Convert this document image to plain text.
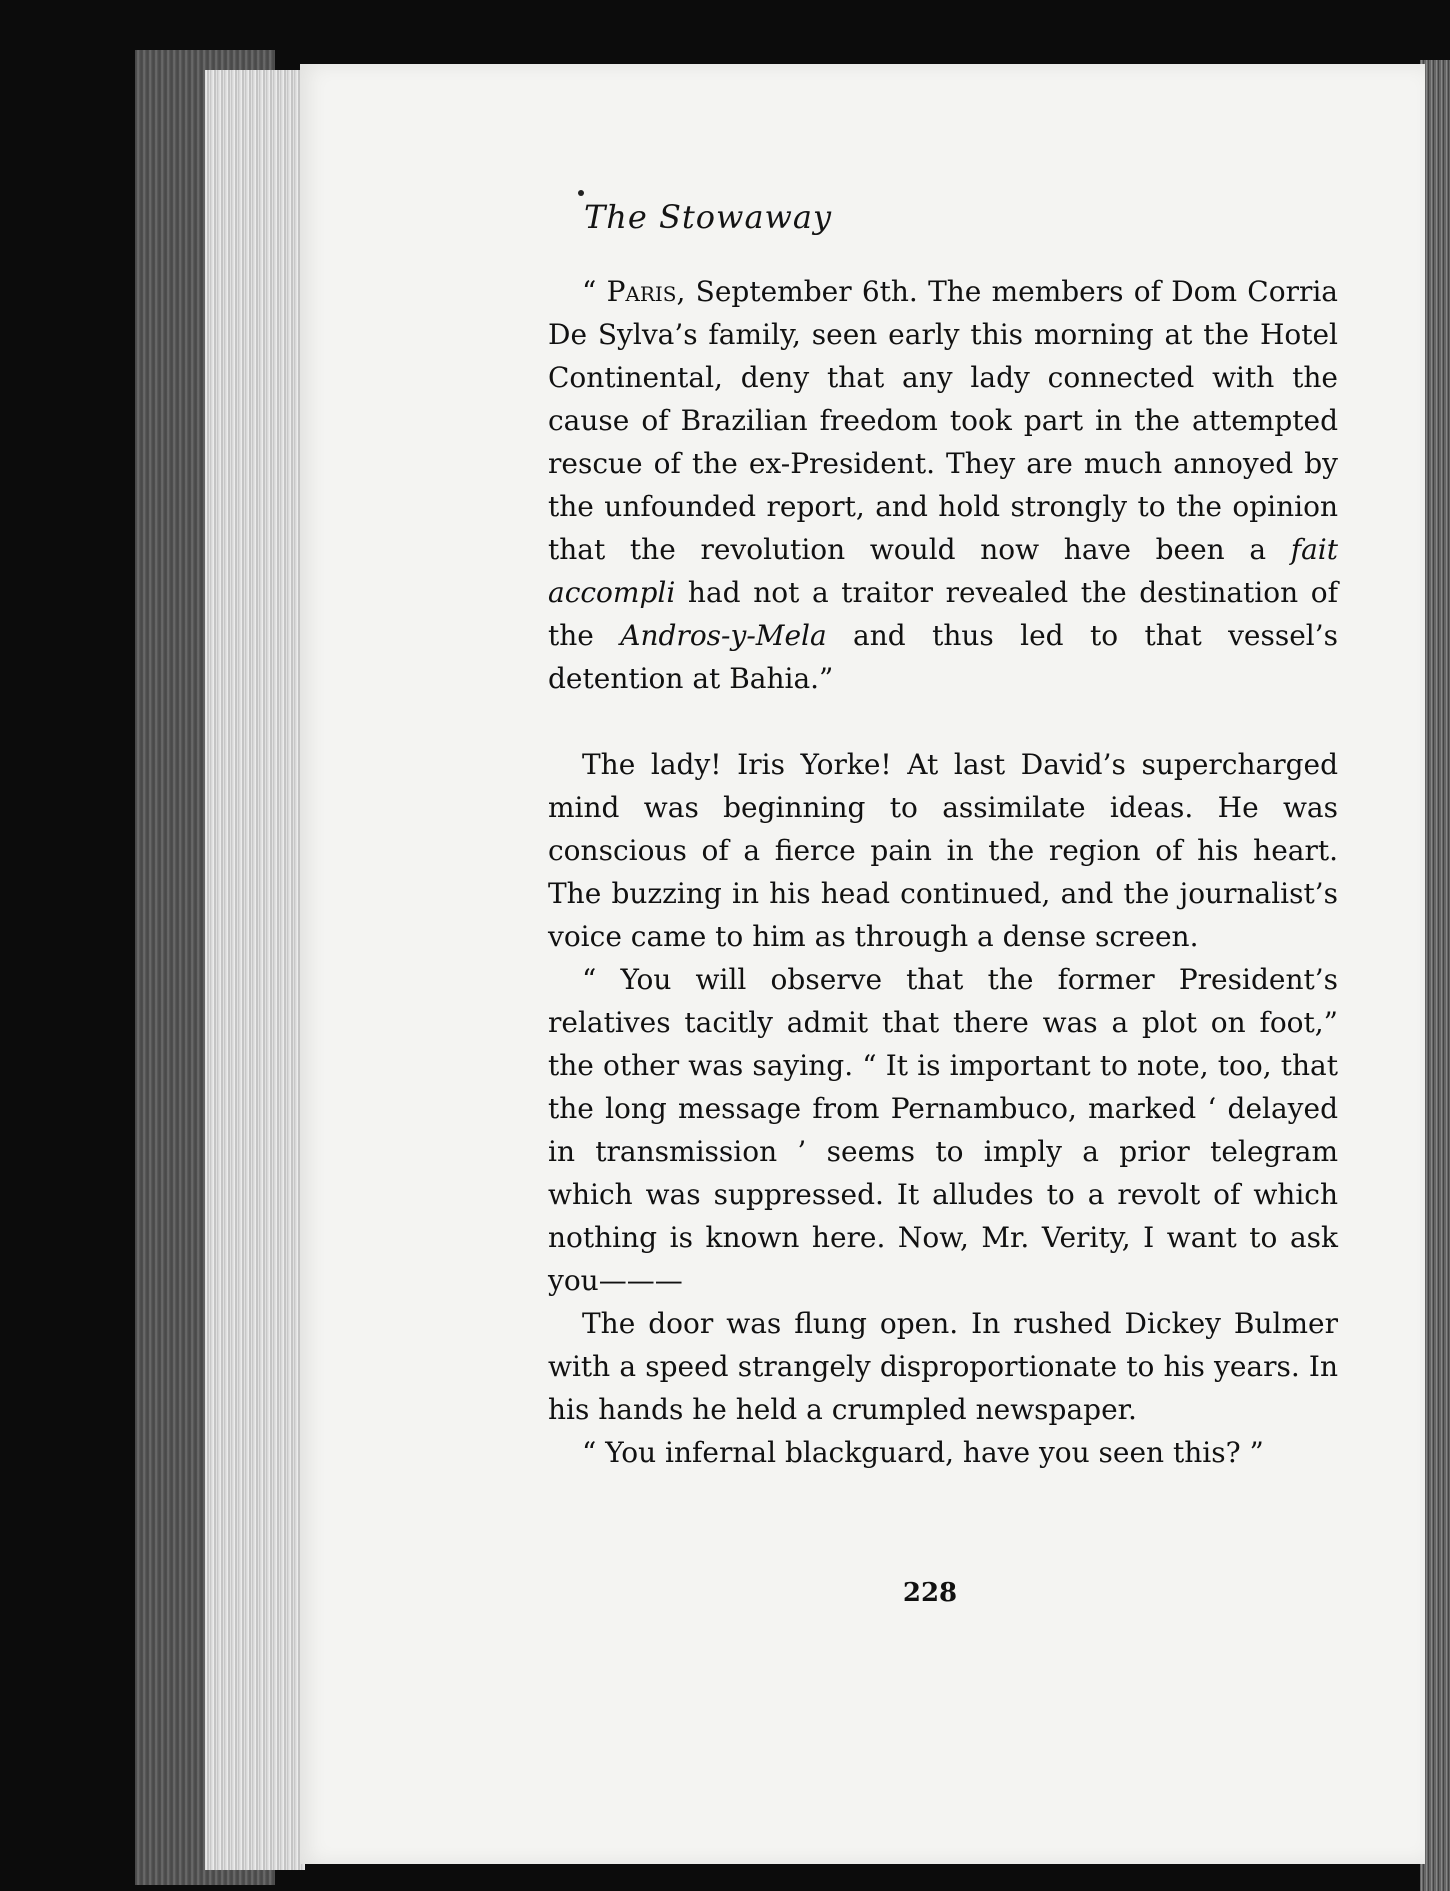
The Stowaway

“ Paris, September 6th. The members of Dom Corria De Sylva’s family, seen early this morning at the Hotel Continental, deny that any lady connected with the cause of Brazilian freedom took part in the attempted rescue of the ex-President. They are much annoyed by the unfounded report, and hold strongly to the opinion that the revolution would now have been a fait accompli had not a traitor revealed the destination of the Andros-y-Mela and thus led to that vessel’s detention at Bahia.”

The lady! Iris Yorke! At last David’s supercharged mind was beginning to assimilate ideas. He was conscious of a fierce pain in the region of his heart. The buzzing in his head continued, and the journalist’s voice came to him as through a dense screen.

“ You will observe that the former President’s relatives tacitly admit that there was a plot on foot,” the other was saying. “ It is important to note, too, that the long message from Pernambuco, marked ‘ delayed in transmission ’ seems to imply a prior telegram which was suppressed. It alludes to a revolt of which nothing is known here. Now, Mr. Verity, I want to ask you———

The door was flung open. In rushed Dickey Bulmer with a speed strangely disproportionate to his years. In his hands he held a crumpled newspaper.

“ You infernal blackguard, have you seen this? ”

228
